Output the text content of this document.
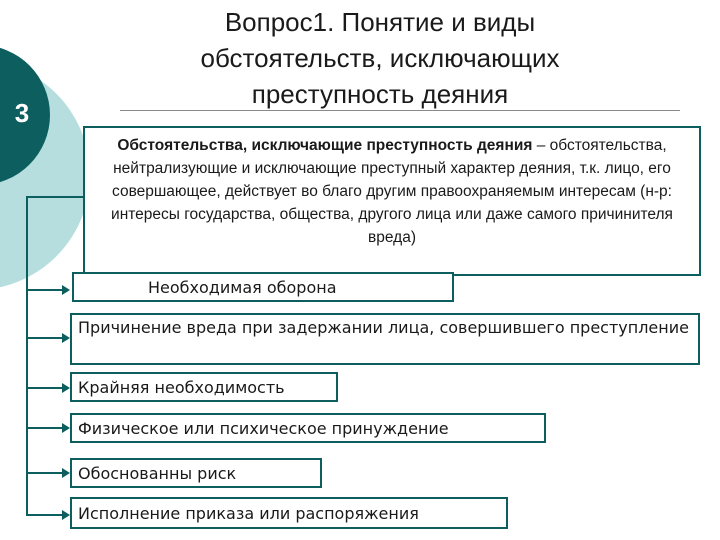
3
Вопрос1. Понятие и виды
обстоятельств, исключающих
преступность деяния
Обстоятельства, исключающие преступность деяния – обстоятельства, нейтрализующие и исключающие преступный характер деяния, т.к. лицо, его совершающее, действует во благо другим правоохраняемым интересам (н-р: интересы государства, общества, другого лица или даже самого причинителя вреда)
Необходимая оборона
Причинение вреда при задержании лица, совершившего преступление
Крайняя необходимость
Физическое или психическое принуждение
Обоснованны риск
Исполнение приказа или распоряжения
